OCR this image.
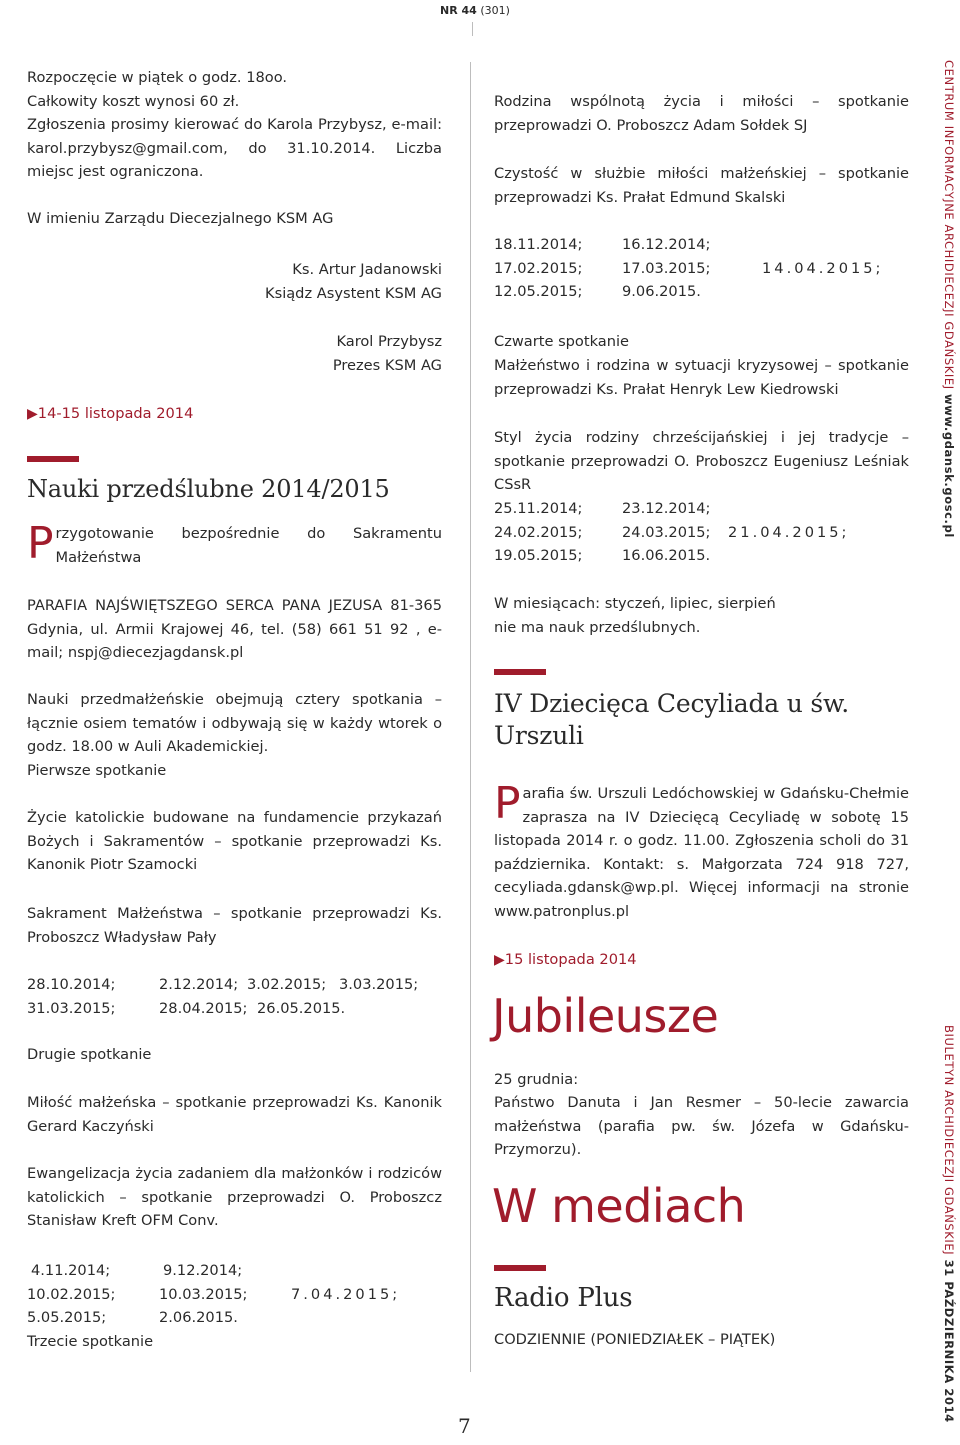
NR 44 (301)
Rozpoczęcie w piątek o godz. 18oo.
Całkowity koszt wynosi 60 zł.
Zgłoszenia prosimy kierować do Karola Przybysz, e-mail: karol.przybysz@gmail.com, do 31.10.2014. Liczba miejsc jest ograniczona.
W imieniu Zarządu Diecezjalnego KSM AG
Ks. Artur Jadanowski
Ksiądz Asystent KSM AG
Karol Przybysz
Prezes KSM AG
▶14-15 listopada 2014
Nauki przedślubne 2014/2015
Przygotowanie bezpośrednie do Sakramentu Małżeństwa
PARAFIA NAJŚWIĘTSZEGO SERCA PANA JEZUSA 81-365 Gdynia, ul. Armii Krajowej 46, tel. (58) 661 51 92 , e-mail; nspj@diecezjagdansk.pl
Nauki przedmałżeńskie obejmują cztery spotkania – łącznie osiem tematów i odbywają się w każdy wtorek o godz. 18.00 w Auli Akademickiej.
Pierwsze spotkanie
Życie katolickie budowane na fundamencie przykazań Bożych i Sakramentów – spotkanie przeprowadzi Ks. Kanonik Piotr Szamocki
Sakrament Małżeństwa – spotkanie przeprowadzi Ks. Proboszcz Władysław Pały
28.10.2014;	2.12.2014; 3.02.2015; 3.03.2015;
31.03.2015;	28.04.2015; 26.05.2015.
Drugie spotkanie
Miłość małżeńska – spotkanie przeprowadzi Ks. Kanonik Gerard Kaczyński
Ewangelizacja życia zadaniem dla małżonków i rodziców katolickich – spotkanie przeprowadzi O. Proboszcz Stanisław Kreft OFM Conv.
4.11.2014;	9.12.2014;
10.02.2015;	10.03.2015;	7.04.2015;
5.05.2015;	2.06.2015.
Trzecie spotkanie
Rodzina wspólnotą życia i miłości – spotkanie przeprowadzi O. Proboszcz Adam Sołdek SJ
Czystość w służbie miłości małżeńskiej – spotkanie przeprowadzi Ks. Prałat Edmund Skalski
18.11.2014;	16.12.2014;
17.02.2015;	17.03.2015;	14.04.2015;
12.05.2015;	9.06.2015.
Czwarte spotkanie
Małżeństwo i rodzina w sytuacji kryzysowej – spotkanie przeprowadzi Ks. Prałat Henryk Lew Kiedrowski
Styl życia rodziny chrześcijańskiej i jej tradycje – spotkanie przeprowadzi O. Proboszcz Eugeniusz Leśniak CSsR
25.11.2014;	23.12.2014;
24.02.2015;	24.03.2015;	21.04.2015;
19.05.2015;	16.06.2015.
W miesiącach: styczeń, lipiec, sierpień
nie ma nauk przedślubnych.
IV Dziecięca Cecyliada u św. Urszuli
Parafia św. Urszuli Ledóchowskiej w Gdańsku-Chełmie zaprasza na IV Dziecięcą Cecyliadę w sobotę 15 listopada 2014 r. o godz. 11.00. Zgłoszenia scholi do 31 października. Kontakt: s. Małgorzata 724 918 727, cecyliada.gdansk@wp.pl. Więcej informacji na stronie www.patronplus.pl
▶15 listopada 2014
Jubileusze
25 grudnia:
Państwo Danuta i Jan Resmer – 50-lecie zawarcia małżeństwa (parafia pw. św. Józefa w Gdańsku-Przymorzu).
W mediach
Radio Plus
CODZIENNIE (PONIEDZIAŁEK – PIĄTEK)
CENTRUM INFORMACYJNE ARCHIDIECEZJI GDAŃSKIEJ www.gdansk.gosc.pl
BIULETYN ARCHIDIECEZJI GDAŃSKIEJ 31 PAŹDZIERNIKA 2014
7
